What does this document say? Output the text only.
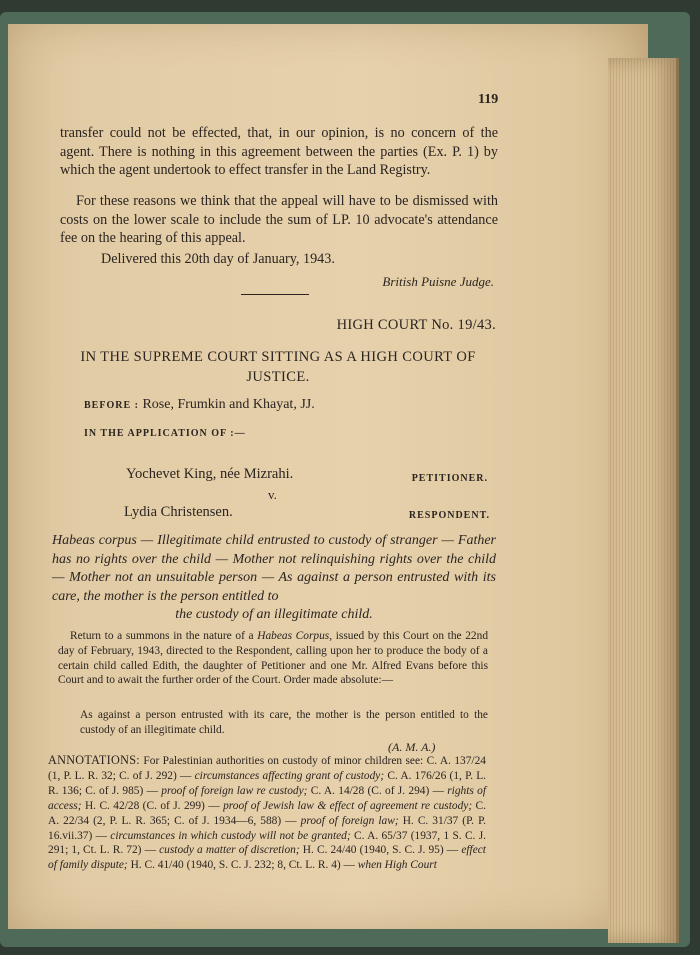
119

transfer could not be effected, that, in our opinion, is no concern of the agent. There is nothing in this agreement between the parties (Ex. P. 1) by which the agent undertook to effect transfer in the Land Registry.

For these reasons we think that the appeal will have to be dismissed with costs on the lower scale to include the sum of LP. 10 advocate's attendance fee on the hearing of this appeal.

Delivered this 20th day of January, 1943.

British Puisne Judge.
HIGH COURT No. 19/43.
IN THE SUPREME COURT SITTING AS A HIGH COURT OF JUSTICE.
BEFORE : Rose, Frumkin and Khayat, JJ.
IN THE APPLICATION OF :—
Yochevet King, née Mizrahi.	PETITIONER.
v.
Lydia Christensen.	RESPONDENT.

Habeas corpus — Illegitimate child entrusted to custody of stranger — Father has no rights over the child — Mother not relinquishing rights over the child — Mother not an unsuitable person — As against a person entrusted with its care, the mother is the person entitled to
the custody of an illegitimate child.

Return to a summons in the nature of a Habeas Corpus, issued by this Court on the 22nd day of February, 1943, directed to the Respondent, calling upon her to produce the body of a certain child called Edith, the daughter of Petitioner and one Mr. Alfred Evans before this Court and to await the further order of the Court. Order made absolute:—

As against a person entrusted with its care, the mother is the person entitled to the custody of an illegitimate child.

(A. M. A.)

ANNOTATIONS: For Palestinian authorities on custody of minor children see: C. A. 137/24 (1, P. L. R. 32; C. of J. 292) — circumstances affecting grant of custody; C. A. 176/26 (1, P. L. R. 136; C. of J. 985) — proof of foreign law re custody; C. A. 14/28 (C. of J. 294) — rights of access; H. C. 42/28 (C. of J. 299) — proof of Jewish law & effect of agreement re custody; C. A. 22/34 (2, P. L. R. 365; C. of J. 1934—6, 588) — proof of foreign law; H. C. 31/37 (P. P. 16.vii.37) — circumstances in which custody will not be granted; C. A. 65/37 (1937, 1 S. C. J. 291; 1, Ct. L. R. 72) — custody a matter of discretion; H. C. 24/40 (1940, S. C. J. 95) — effect of family dispute; H. C. 41/40 (1940, S. C. J. 232; 8, Ct. L. R. 4) — when High Court
